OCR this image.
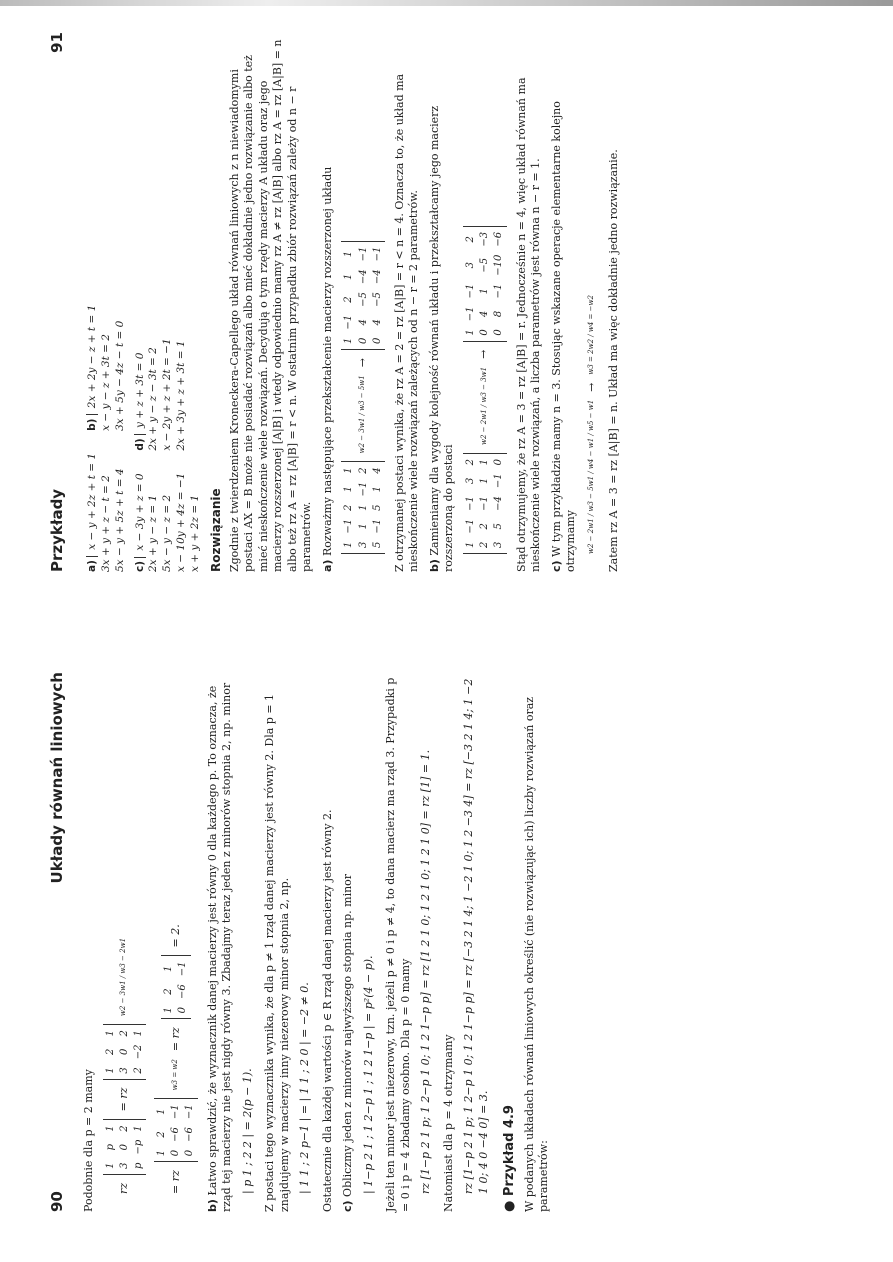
90
Układy równań liniowych

Podobnie dla p = 2 mamy rz
1
p
1
3
0
2
p
−p
1
= rz
1
2
1
3
0
2
2
−2
1
w2 − 3w1 / w3 − 2w1
= rz
1
2
1
0
−6
−1
0
−6
−1
w3 = w2
= rz
1
2
1
0
−6
−1
= 2.

b) Łatwo sprawdzić, że wyznacznik danej macierzy jest równy 0 dla każdego p. To oznacza, że rząd tej macierzy nie jest nigdy równy 3. Zbadajmy teraz jeden z minorów stopnia 2, np. minor | p 1 ; 2 2 | = 2(p − 1). Z postaci tego wyznacznika wynika, że dla p ≠ 1 rząd danej macierzy jest równy 2. Dla p = 1 znajdujemy w macierzy inny niezerowy minor stopnia 2, np. | 1 1 ; 2 p−1 | = | 1 1 ; 2 0 | = −2 ≠ 0. Ostatecznie dla każdej wartości p ∈ R rząd danej macierzy jest równy 2. c) Obliczmy jeden z minorów najwyższego stopnia np. minor | 1−p 2 1 ; 1 2−p 1 ; 1 2 1−p | = p²(4 − p). Jeżeli ten minor jest niezerowy, tzn. jeżeli p ≠ 0 i p ≠ 4, to dana macierz ma rząd 3. Przypadki p = 0 i p = 4 zbadamy osobno. Dla p = 0 mamy rz [1−p 2 1 p; 1 2−p 1 0; 1 2 1−p p] = rz [1 2 1 0; 1 2 1 0; 1 2 1 0] = rz [1] = 1. Natomiast dla p = 4 otrzymamy rz [1−p 2 1 p; 1 2−p 1 0; 1 2 1−p p] = rz [−3 2 1 4; 1 −2 1 0; 1 2 −3 4] = rz [−3 2 1 4; 1 −2 1 0; 4 0 −4 0] = 3.
● Przykład 4.9 W podanych układach równań liniowych określić (nie rozwiązując ich) liczby rozwiązań oraz parametrów:

Przykłady
91
a) x − y + 2z + t = 1
3x + y + z − t = 2
5x − y + 5z + t = 4
b) 2x + 2y − z + t = 1
x − y − z + 3t = 2
3x + 5y − 4z − t = 0
c) x − 3y + z = 0
2x + y − z = 1
5x − y − z = 2
x − 10y + 4z = −1
x + y + 2z = 1
d) y + z + 3t = 0
2x + y − z − 3t = 2
x − 2y + z + 2t = −1
2x + 3y + z + 3t = 1
Rozwiązanie Zgodnie z twierdzeniem Kroneckera-Capellego układ równań liniowych z n niewiadomymi postaci AX = B może nie posiadać rozwiązań albo mieć dokładnie jedno rozwiązanie albo też mieć nieskończenie wiele rozwiązań. Decydują o tym rzędy macierzy A układu oraz jego macierzy rozszerzonej [A|B] i wtedy odpowiednio mamy rz A ≠ rz [A|B] albo rz A = rz [A|B] = n albo też rz A = rz [A|B] = r < n. W ostatnim przypadku zbiór rozwiązań zależy od n − r parametrów. a) Rozważmy następujące przekształcenie macierzy rozszerzonej układu 1
−1
2
1
1
3
1
1
−1
2
5
−1
5
1
4
w2 − 3w1 / w3 − 5w1
→
1
−1
2
1
1
0
4
−5
−4
−1
0
4
−5
−4
−1 Z otrzymanej postaci wynika, że rz A = 2 = rz [A|B] = r < n = 4. Oznacza to, że układ ma nieskończenie wiele rozwiązań zależących od n − r = 2 parametrów. b) Zamieniamy dla wygody kolejność równań układu i przekształcamy jego macierz rozszerzoną do postaci 1
−1
−1
3
2
2
2
−1
1
1
3
5
−4
−1
0
w2 − 2w1 / w3 − 3w1
→
1
−1
−1
3
2
0
4
1
−5
−3
0
8
−1
−10
−6 Stąd otrzymujemy, że rz A = 3 = rz [A|B] = r. Jednocześnie n = 4, więc układ równań ma nieskończenie wiele rozwiązań, a liczba parametrów jest równa n − r = 1. c) W tym przykładzie mamy n = 3. Stosując wskazane operacje elementarne kolejno otrzymamy w2 − 2w1 / w3 − 5w1 / w4 − w1 / w5 − w1
→
w3 = 2w2 / w4 = −w2 Zatem rz A = 3 = rz [A|B] = n. Układ ma więc dokładnie jedno rozwiązanie.
